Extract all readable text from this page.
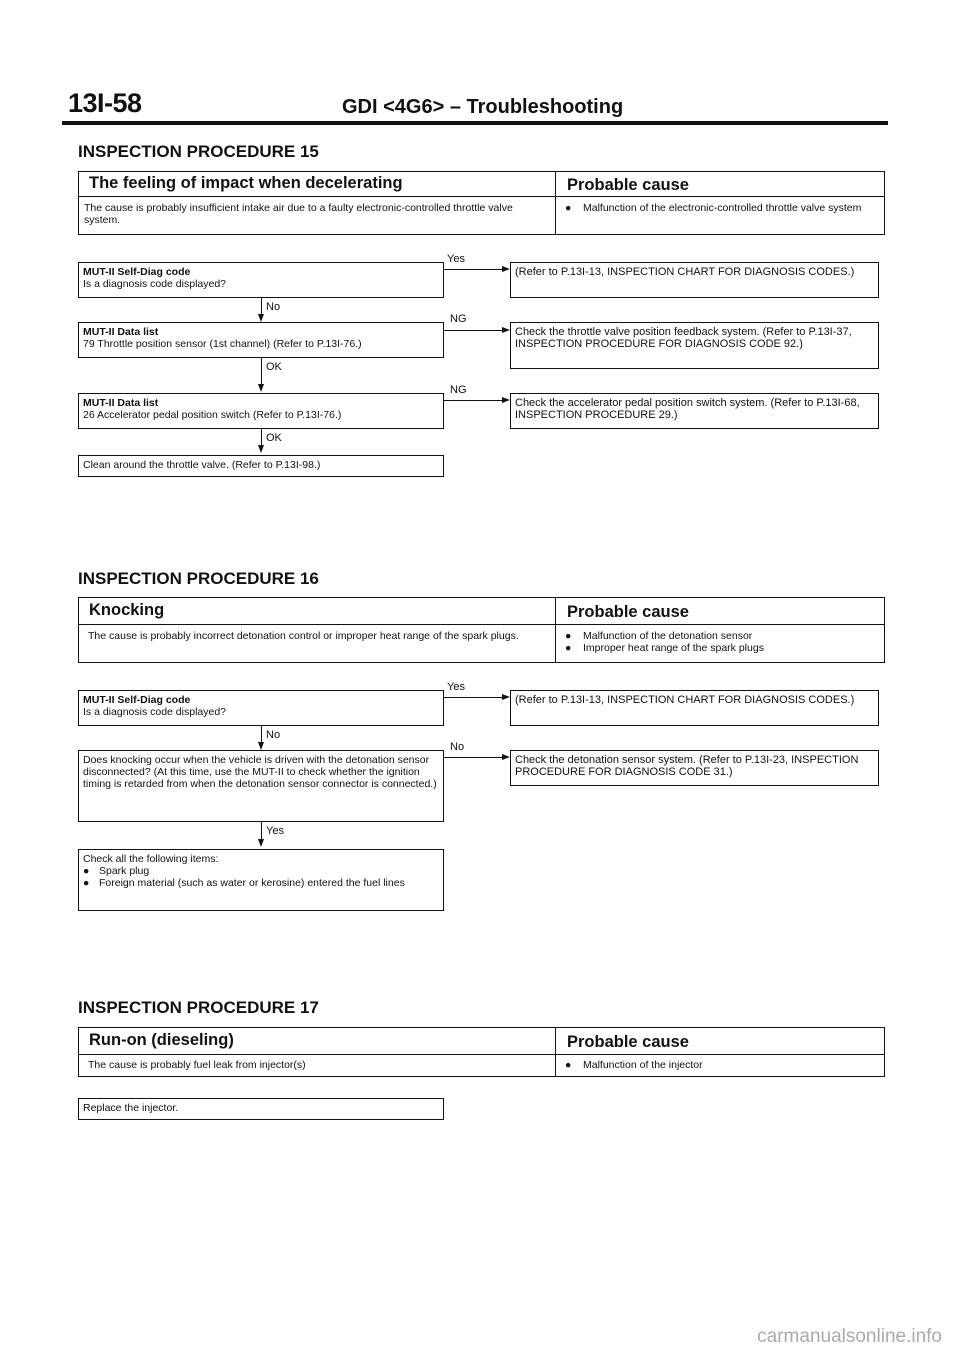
13I-58	GDI <4G6> – Troubleshooting
INSPECTION PROCEDURE 15
The feeling of impact when decelerating	Probable cause
The cause is probably insufficient intake air due to a faulty electronic-controlled throttle valve system.
●	Malfunction of the electronic-controlled throttle valve system
MUT-II Self-Diag code
Is a diagnosis code displayed?
Yes
(Refer to P.13I-13, INSPECTION CHART FOR DIAGNOSIS CODES.)
No
MUT-II Data list
79 Throttle position sensor (1st channel) (Refer to P.13I-76.)
NG
Check the throttle valve position feedback system. (Refer to P.13I-37, INSPECTION PROCEDURE FOR DIAGNOSIS CODE 92.)
OK
MUT-II Data list
26 Accelerator pedal position switch (Refer to P.13I-76.)
NG
Check the accelerator pedal position switch system. (Refer to P.13I-68, INSPECTION PROCEDURE 29.)
OK
Clean around the throttle valve. (Refer to P.13I-98.)
INSPECTION PROCEDURE 16
Knocking	Probable cause
The cause is probably incorrect detonation control or improper heat range of the spark plugs.	● Malfunction of the detonation sensor
● Improper heat range of the spark plugs
MUT-II Self-Diag code
Is a diagnosis code displayed?
Yes
(Refer to P.13I-13, INSPECTION CHART FOR DIAGNOSIS CODES.)
No
Does knocking occur when the vehicle is driven with the detonation sensor disconnected? (At this time, use the MUT-II to check whether the ignition timing is retarded from when the detonation sensor connector is connected.)
No
Check the detonation sensor system. (Refer to P.13I-23, INSPECTION PROCEDURE FOR DIAGNOSIS CODE 31.)
Yes
Check all the following items:
● Spark plug
● Foreign material (such as water or kerosine) entered the fuel lines
INSPECTION PROCEDURE 17
Run-on (dieseling)	Probable cause
The cause is probably fuel leak from injector(s)	● Malfunction of the injector
Replace the injector.
carmanualsonline.info
